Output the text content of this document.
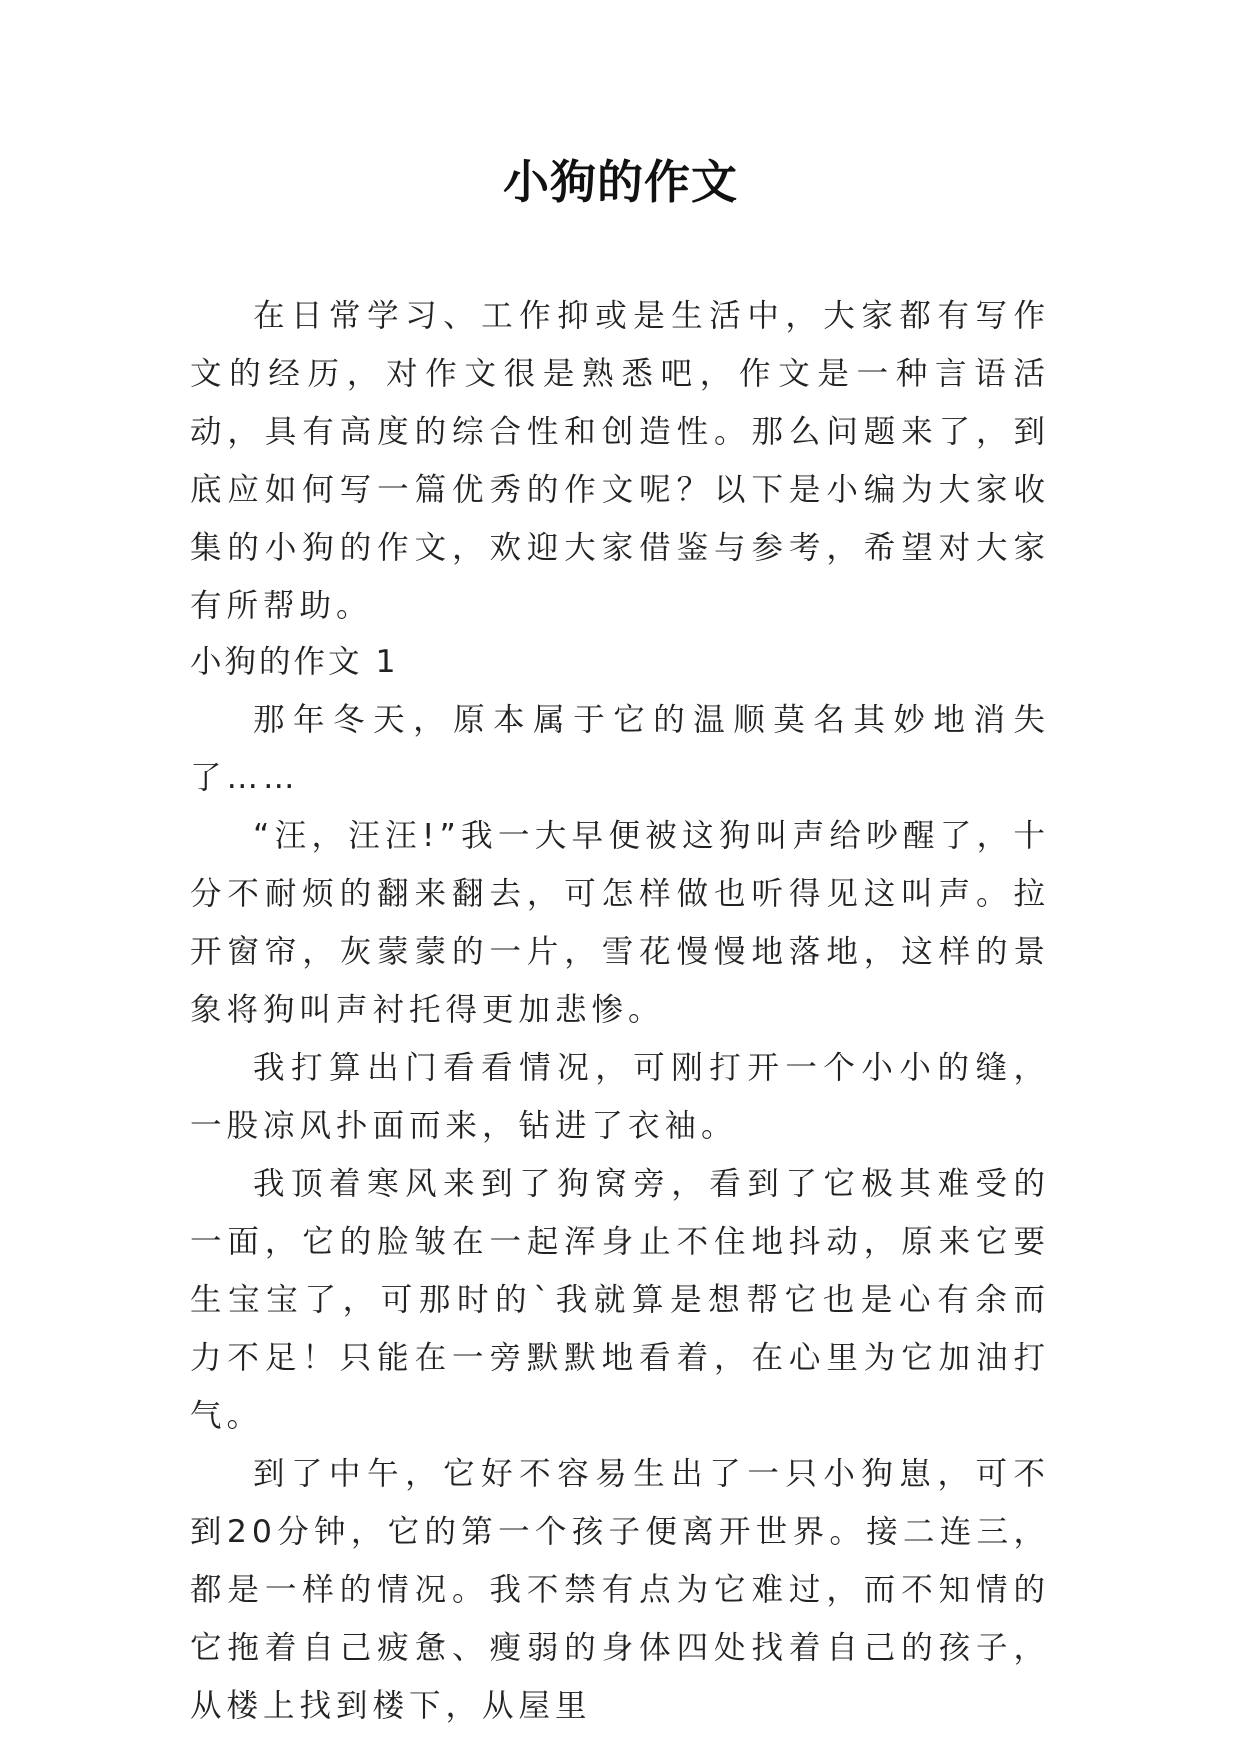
小狗的作文

在日常学习、工作抑或是生活中，大家都有写作文的经历，对作文很是熟悉吧，作文是一种言语活动，具有高度的综合性和创造性。那么问题来了，到底应如何写一篇优秀的作文呢？以下是小编为大家收集的小狗的作文，欢迎大家借鉴与参考，希望对大家有所帮助。

小狗的作文 1

那年冬天，原本属于它的温顺莫名其妙地消失了……

“汪，汪汪!”我一大早便被这狗叫声给吵醒了，十分不耐烦的翻来翻去，可怎样做也听得见这叫声。拉开窗帘，灰蒙蒙的一片，雪花慢慢地落地，这样的景象将狗叫声衬托得更加悲惨。

我打算出门看看情况，可刚打开一个小小的缝，一股凉风扑面而来，钻进了衣袖。

我顶着寒风来到了狗窝旁，看到了它极其难受的一面，它的脸皱在一起浑身止不住地抖动，原来它要生宝宝了，可那时的`我就算是想帮它也是心有余而力不足！只能在一旁默默地看着，在心里为它加油打气。

到了中午，它好不容易生出了一只小狗崽，可不到20分钟，它的第一个孩子便离开世界。接二连三，都是一样的情况。我不禁有点为它难过，而不知情的它拖着自己疲惫、瘦弱的身体四处找着自己的孩子，从楼上找到楼下，从屋里
